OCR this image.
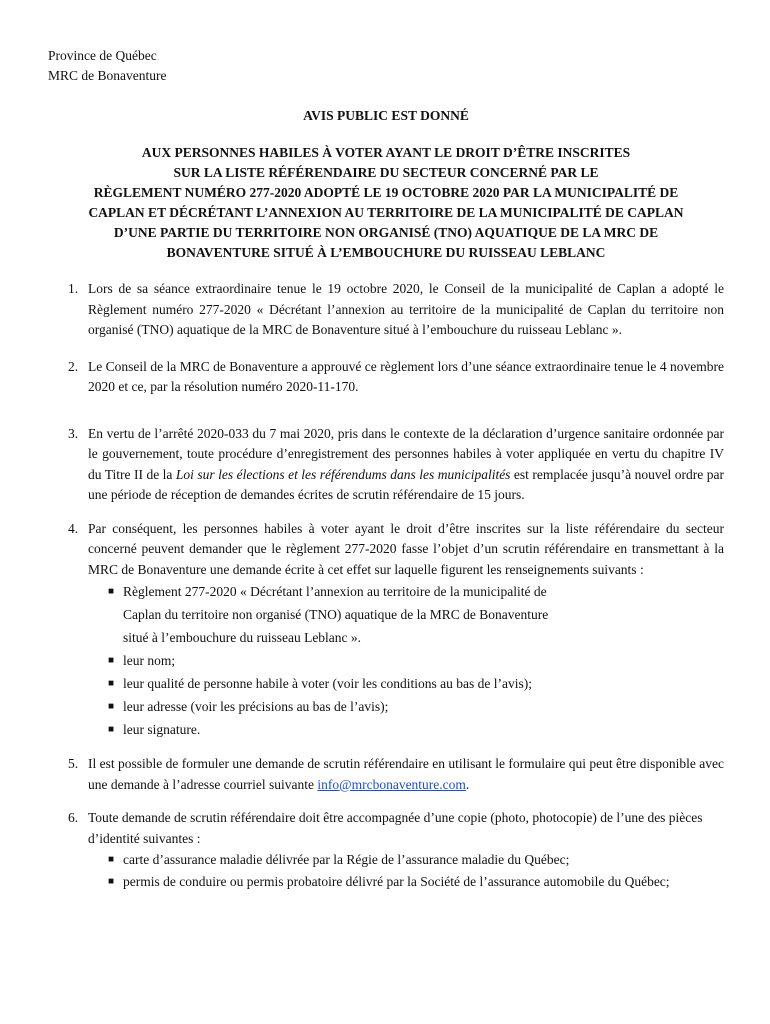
Province de Québec
MRC de Bonaventure
AVIS PUBLIC EST DONNÉ
AUX PERSONNES HABILES À VOTER AYANT LE DROIT D’ÊTRE INSCRITES
SUR LA LISTE RÉFÉRENDAIRE DU SECTEUR CONCERNÉ PAR LE
RÈGLEMENT NUMÉRO 277-2020 ADOPTÉ LE 19 OCTOBRE 2020 PAR LA MUNICIPALITÉ DE
CAPLAN ET DÉCRÉTANT L’ANNEXION AU TERRITOIRE DE LA MUNICIPALITÉ DE CAPLAN
D’UNE PARTIE DU TERRITOIRE NON ORGANISÉ (TNO) AQUATIQUE DE LA MRC DE
BONAVENTURE SITUÉ À L’EMBOUCHURE DU RUISSEAU LEBLANC
1. Lors de sa séance extraordinaire tenue le 19 octobre 2020, le Conseil de la municipalité de Caplan a adopté le Règlement numéro 277-2020 « Décrétant l’annexion au territoire de la municipalité de Caplan du territoire non organisé (TNO) aquatique de la MRC de Bonaventure situé à l’embouchure du ruisseau Leblanc ».

2. Le Conseil de la MRC de Bonaventure a approuvé ce règlement lors d’une séance extraordinaire tenue le 4 novembre 2020 et ce, par la résolution numéro 2020-11-170.

3. En vertu de l’arrêté 2020-033 du 7 mai 2020, pris dans le contexte de la déclaration d’urgence sanitaire ordonnée par le gouvernement, toute procédure d’enregistrement des personnes habiles à voter appliquée en vertu du chapitre IV du Titre II de la Loi sur les élections et les référendums dans les municipalités est remplacée jusqu’à nouvel ordre par une période de réception de demandes écrites de scrutin référendaire de 15 jours.

4. Par conséquent, les personnes habiles à voter ayant le droit d’être inscrites sur la liste référendaire du secteur concerné peuvent demander que le règlement 277-2020 fasse l’objet d’un scrutin référendaire en transmettant à la MRC de Bonaventure une demande écrite à cet effet sur laquelle figurent les renseignements suivants :

■ Règlement 277-2020 « Décrétant l’annexion au territoire de la municipalité de
Caplan du territoire non organisé (TNO) aquatique de la MRC de Bonaventure
situé à l’embouchure du ruisseau Leblanc ».
■ leur nom;
■ leur qualité de personne habile à voter (voir les conditions au bas de l’avis);
■ leur adresse (voir les précisions au bas de l’avis);
■ leur signature.
5. Il est possible de formuler une demande de scrutin référendaire en utilisant le formulaire qui peut être disponible avec une demande à l’adresse courriel suivante info@mrcbonaventure.com.

6. Toute demande de scrutin référendaire doit être accompagnée d’une copie (photo, photocopie) de l’une des pièces d’identité suivantes :

■ carte d’assurance maladie délivrée par la Régie de l’assurance maladie du Québec;
■ permis de conduire ou permis probatoire délivré par la Société de l’assurance automobile du Québec;
